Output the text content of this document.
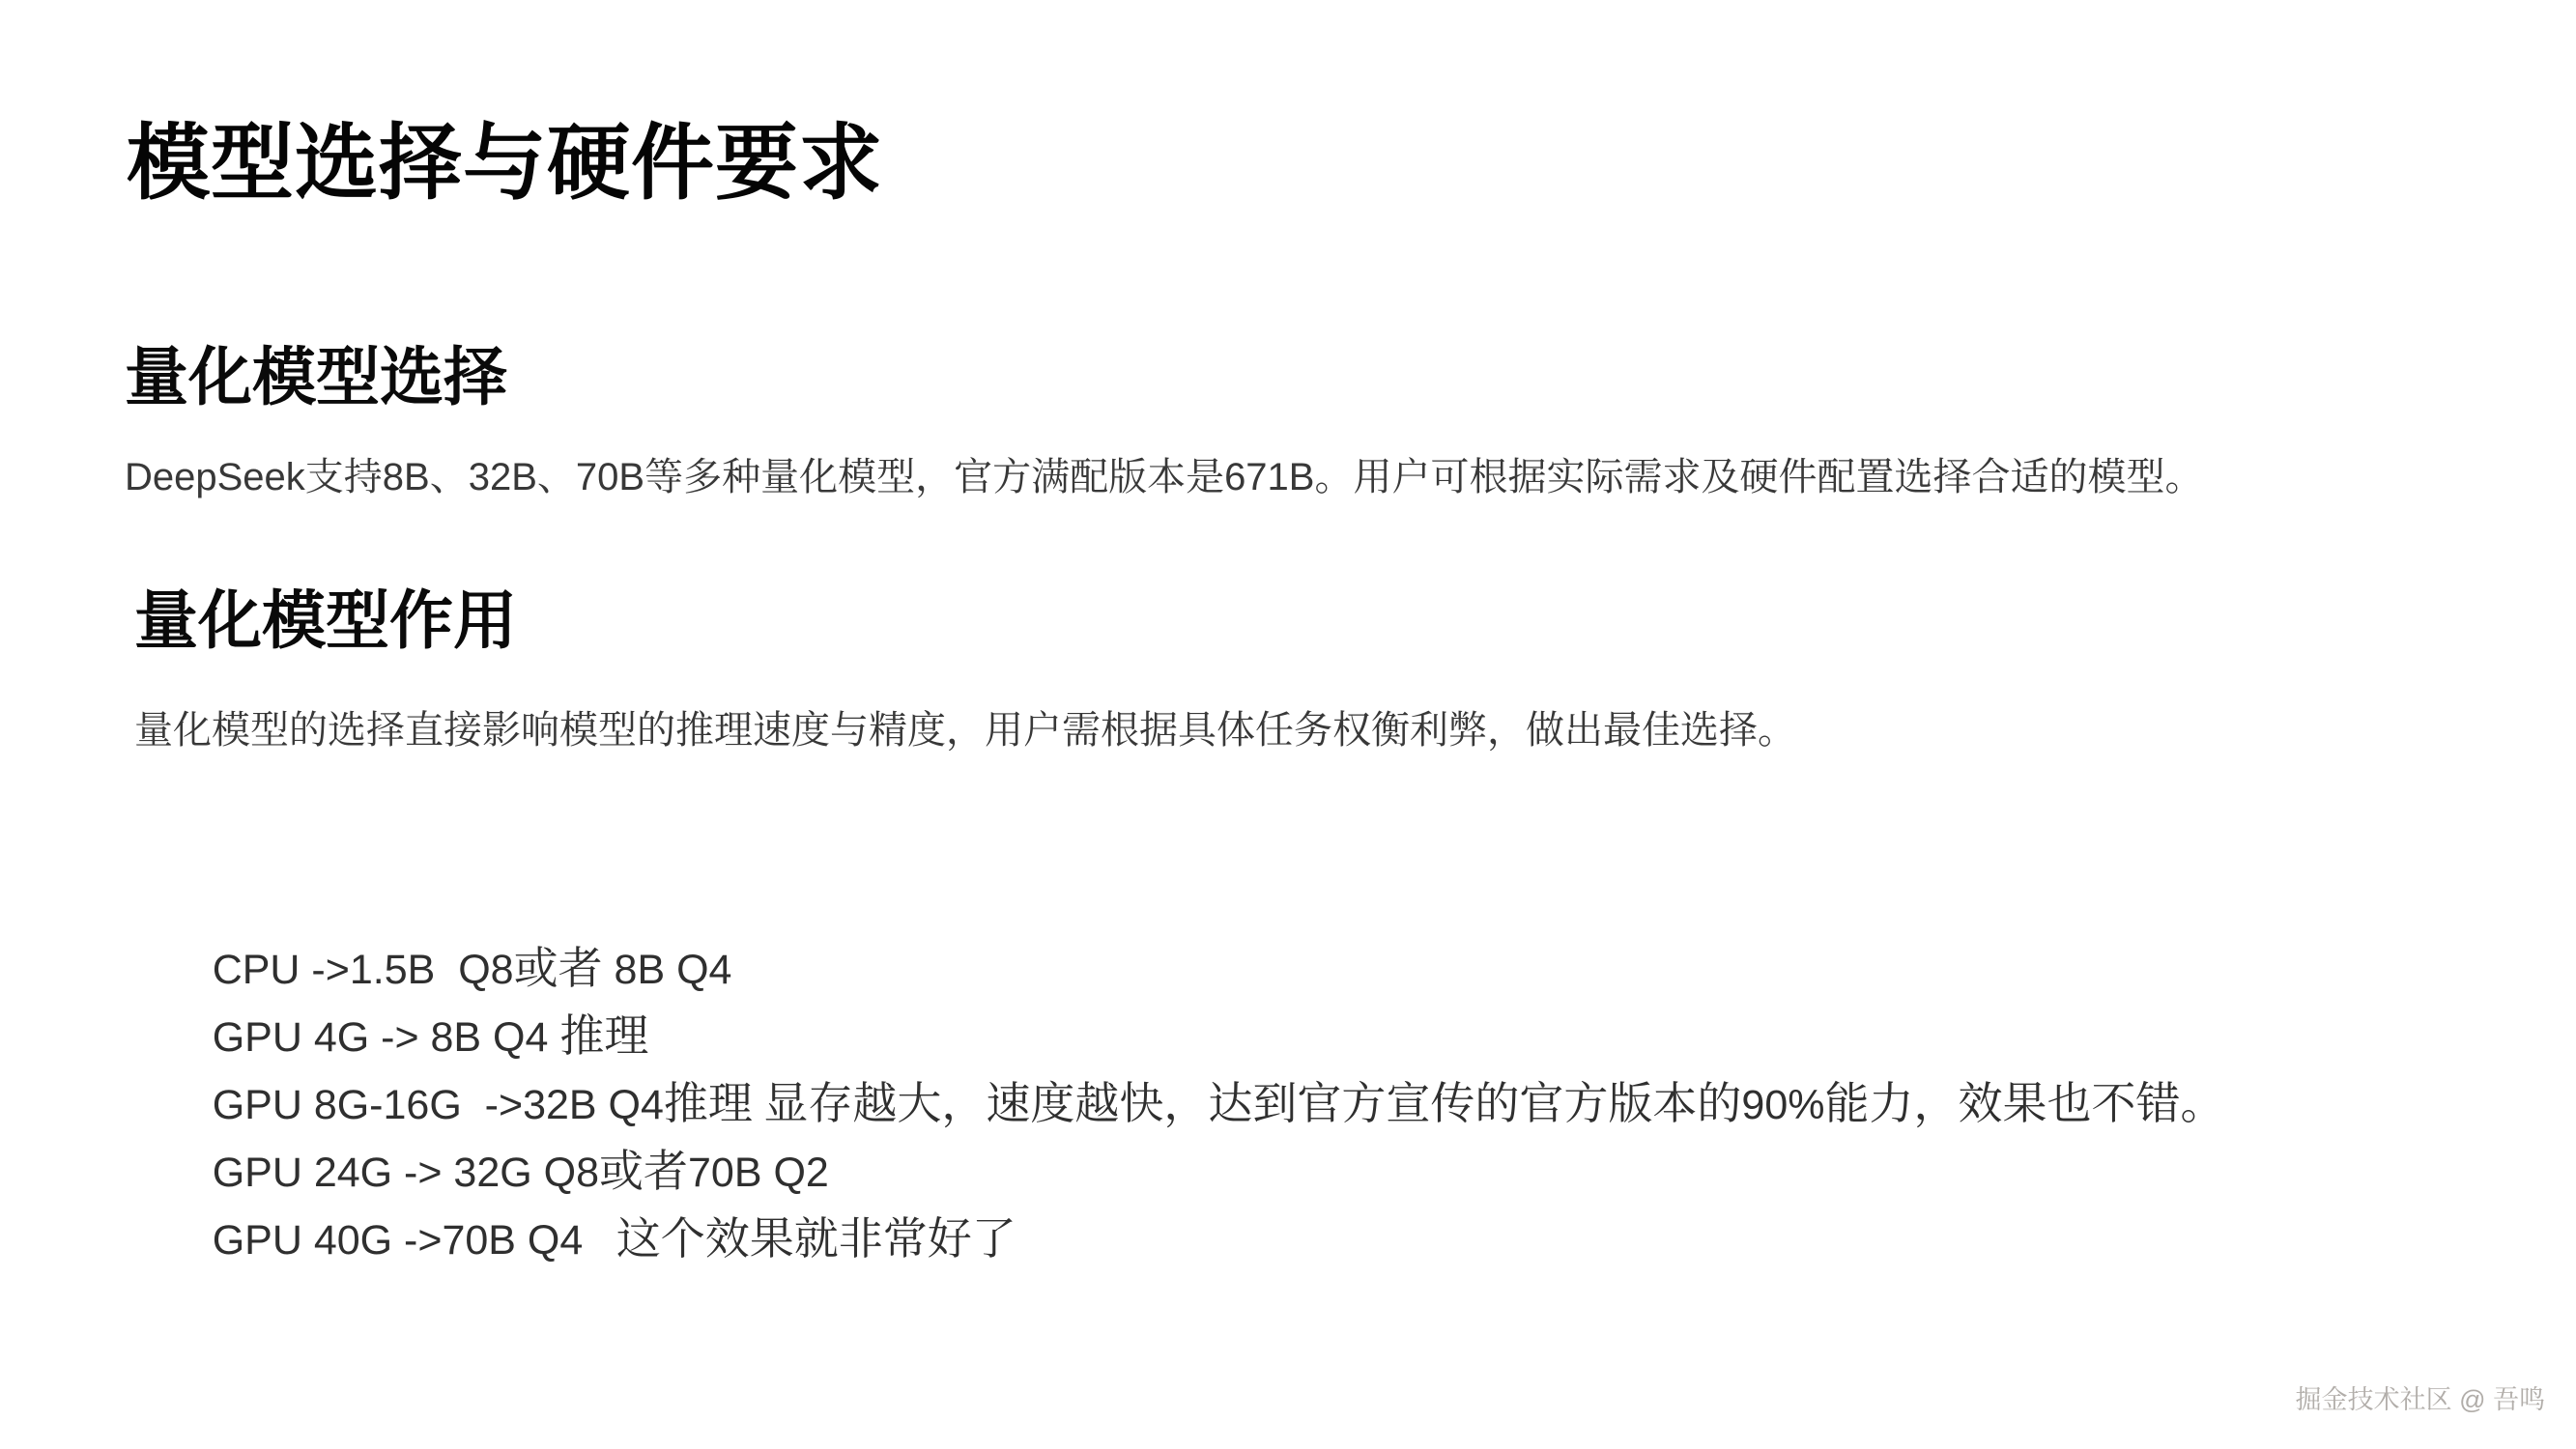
模型选择与硬件要求
量化模型选择

DeepSeek支持8B、32B、70B等多种量化模型，官方满配版本是671B。用户可根据实际需求及硬件配置选择合适的模型。

量化模型作用

量化模型的选择直接影响模型的推理速度与精度，用户需根据具体任务权衡利弊，做出最佳选择。

CPU ->1.5B  Q8或者 8B Q4

GPU 4G -> 8B Q4 推理

GPU 8G-16G  ->32B Q4推理 显存越大，速度越快，达到官方宣传的官方版本的90%能力，效果也不错。

GPU 24G -> 32G Q8或者70B Q2

GPU 40G ->70B Q4   这个效果就非常好了

掘金技术社区 @ 吾鸣
